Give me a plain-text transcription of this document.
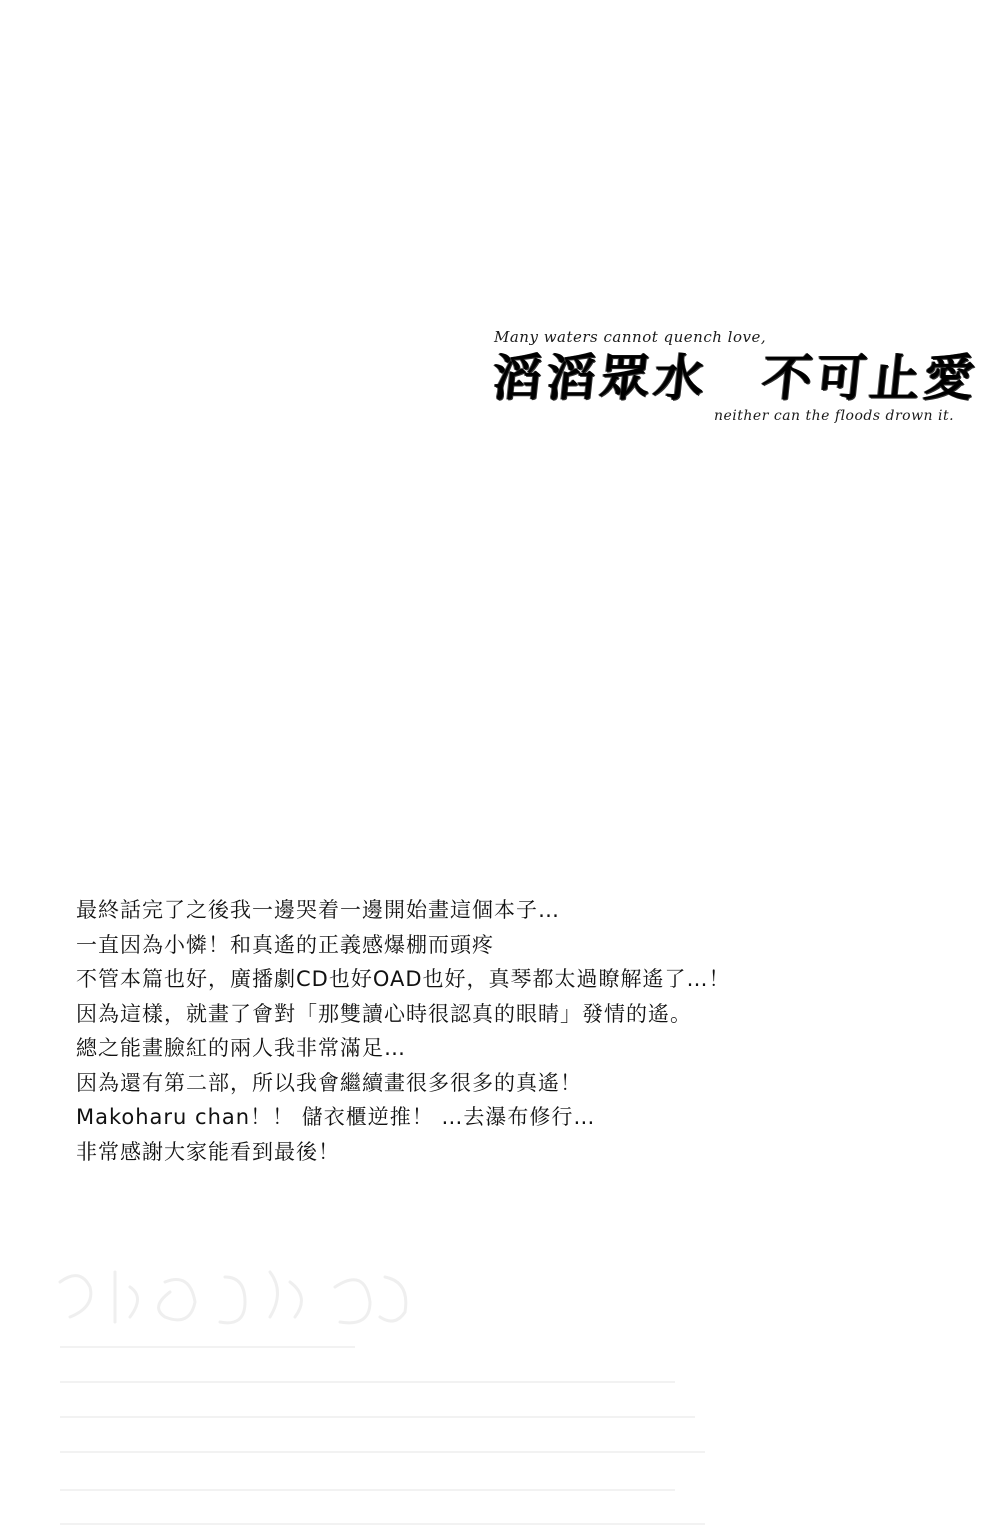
Many waters cannot quench love,
滔滔眾水　不可止愛
neither can the floods drown it.
最終話完了之後我一邊哭着一邊開始畫這個本子…
一直因為小憐！和真遙的正義感爆棚而頭疼
不管本篇也好，廣播劇CD也好OAD也好，真琴都太過瞭解遙了…！
因為這樣，就畫了會對「那雙讀心時很認真的眼睛」發情的遙。
總之能畫臉紅的兩人我非常滿足…
因為還有第二部，所以我會繼續畫很多很多的真遙！
Makoharu chan！！ 儲衣櫃逆推！ …去瀑布修行…
非常感謝大家能看到最後！
